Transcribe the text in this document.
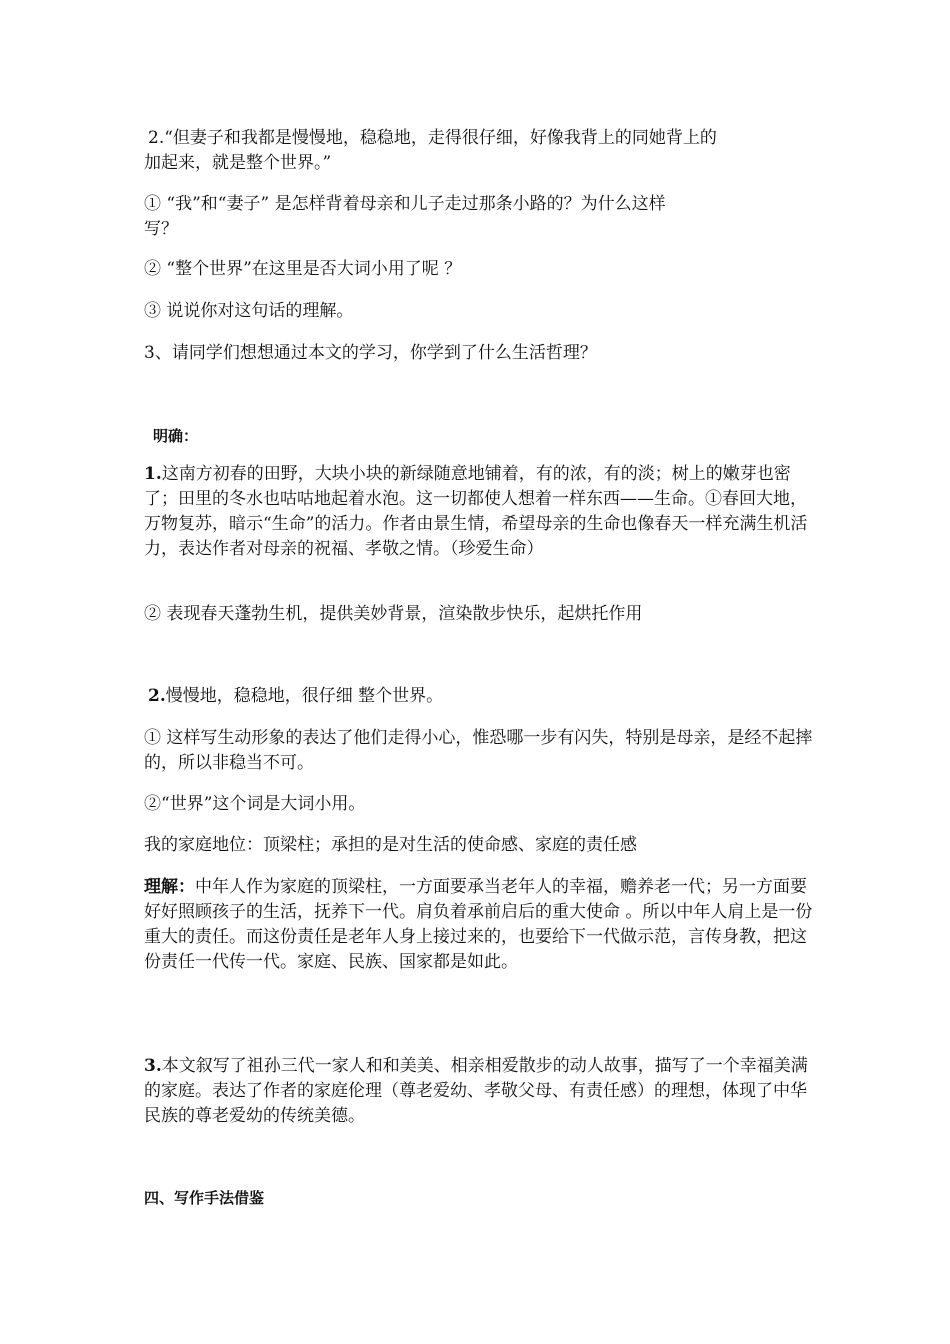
2.“但妻子和我都是慢慢地，稳稳地，走得很仔细，好像我背上的同她背上的
加起来，就是整个世界。”
① “我”和“妻子” 是怎样背着母亲和儿子走过那条小路的？为什么这样
写？
② “整个世界”在这里是否大词小用了呢 ？
③ 说说你对这句话的理解。
3、请同学们想想通过本文的学习，你学到了什么生活哲理？
明确：
1.这南方初春的田野，大块小块的新绿随意地铺着，有的浓，有的淡；树上的嫩芽也密了；田里的冬水也咕咕地起着水泡。这一切都使人想着一样东西——生命。①春回大地，万物复苏，暗示“生命”的活力。作者由景生情，希望母亲的生命也像春天一样充满生机活力，表达作者对母亲的祝福、孝敬之情。（珍爱生命）
② 表现春天蓬勃生机，提供美妙背景，渲染散步快乐，起烘托作用
2.慢慢地，稳稳地，很仔细 整个世界。
① 这样写生动形象的表达了他们走得小心，惟恐哪一步有闪失，特别是母亲，是经不起摔的，所以非稳当不可。
②“世界”这个词是大词小用。
我的家庭地位：顶梁柱；承担的是对生活的使命感、家庭的责任感
理解：中年人作为家庭的顶梁柱，一方面要承当老年人的幸福，赡养老一代；另一方面要好好照顾孩子的生活，抚养下一代。肩负着承前启后的重大使命 。所以中年人肩上是一份重大的责任。而这份责任是老年人身上接过来的，也要给下一代做示范，言传身教，把这份责任一代传一代。家庭、民族、国家都是如此。
3.本文叙写了祖孙三代一家人和和美美、相亲相爱散步的动人故事，描写了一个幸福美满的家庭。表达了作者的家庭伦理（尊老爱幼、孝敬父母、有责任感）的理想，体现了中华民族的尊老爱幼的传统美德。
四、写作手法借鉴
